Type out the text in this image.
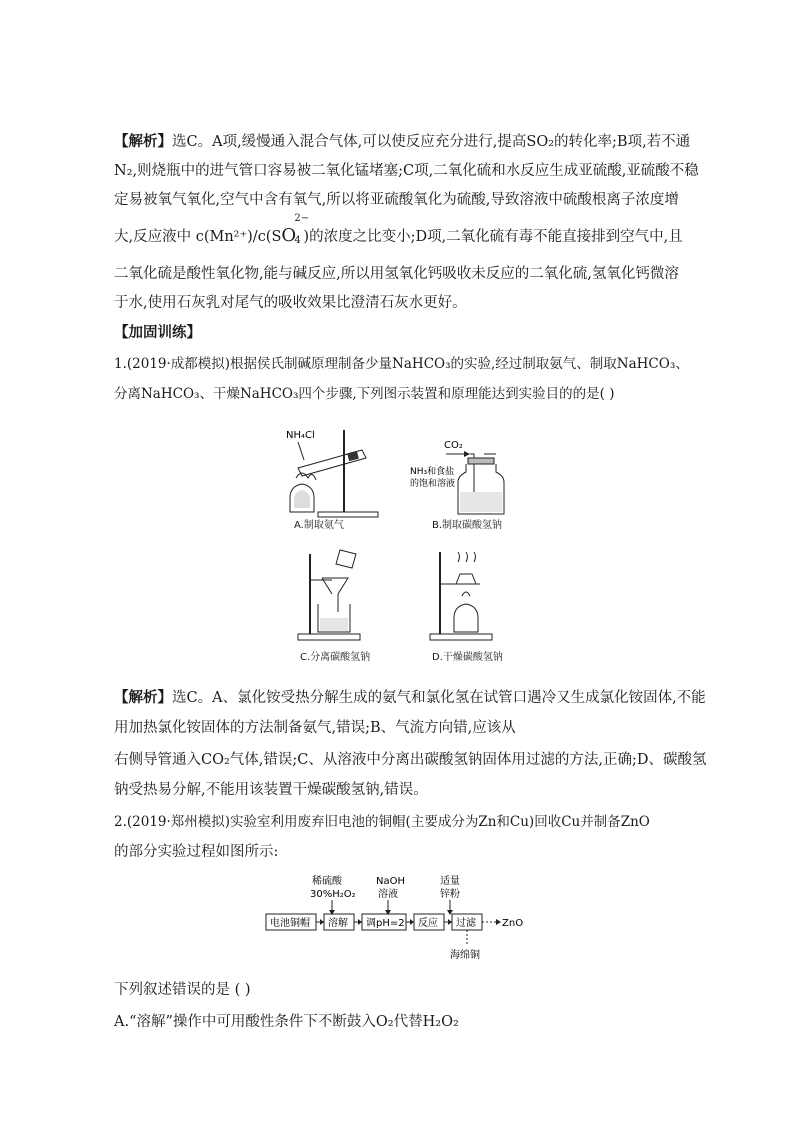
【解析】选C。A项,缓慢通入混合气体,可以使反应充分进行,提高SO₂的转化率;B项,若不通

N₂,则烧瓶中的进气管口容易被二氧化锰堵塞;C项,二氧化硫和水反应生成亚硫酸,亚硫酸不稳

定易被氧气氧化,空气中含有氧气,所以将亚硫酸氧化为硫酸,导致溶液中硫酸根离子浓度增

大,反应液中 c(Mn²⁺)/c(SO
2−
4 )的浓度之比变小;D项,二氧化硫有毒不能直接排到空气中,且

二氧化硫是酸性氧化物,能与碱反应,所以用氢氧化钙吸收未反应的二氧化硫,氢氧化钙微溶

于水,使用石灰乳对尾气的吸收效果比澄清石灰水更好。

【加固训练】

1.(2019·成都模拟)根据侯氏制碱原理制备少量NaHCO₃的实验,经过制取氨气、制取NaHCO₃、

分离NaHCO₃、干燥NaHCO₃四个步骤,下列图示装置和原理能达到实验目的的是( )

NH₄Cl
A.制取氨气
CO₂
NH₃和食盐
的饱和溶液
B.制取碳酸氢钠
C.分离碳酸氢钠	D.干燥碳酸氢钠

【解析】选C。A、氯化铵受热分解生成的氨气和氯化氢在试管口遇冷又生成氯化铵固体,不能

用加热氯化铵固体的方法制备氨气,错误;B、气流方向错,应该从

右侧导管通入CO₂气体,错误;C、从溶液中分离出碳酸氢钠固体用过滤的方法,正确;D、碳酸氢

钠受热易分解,不能用该装置干燥碳酸氢钠,错误。

2.(2019·郑州模拟)实验室利用废弃旧电池的铜帽(主要成分为Zn和Cu)回收Cu并制备ZnO

的部分实验过程如图所示:

稀硫酸
30%H₂O₂
NaOH
溶液
适量
锌粉
电池铜帽 溶解 调pH=2 反应 过滤	ZnO
海绵铜

下列叙述错误的是 ( )

A.“溶解”操作中可用酸性条件下不断鼓入O₂代替H₂O₂
